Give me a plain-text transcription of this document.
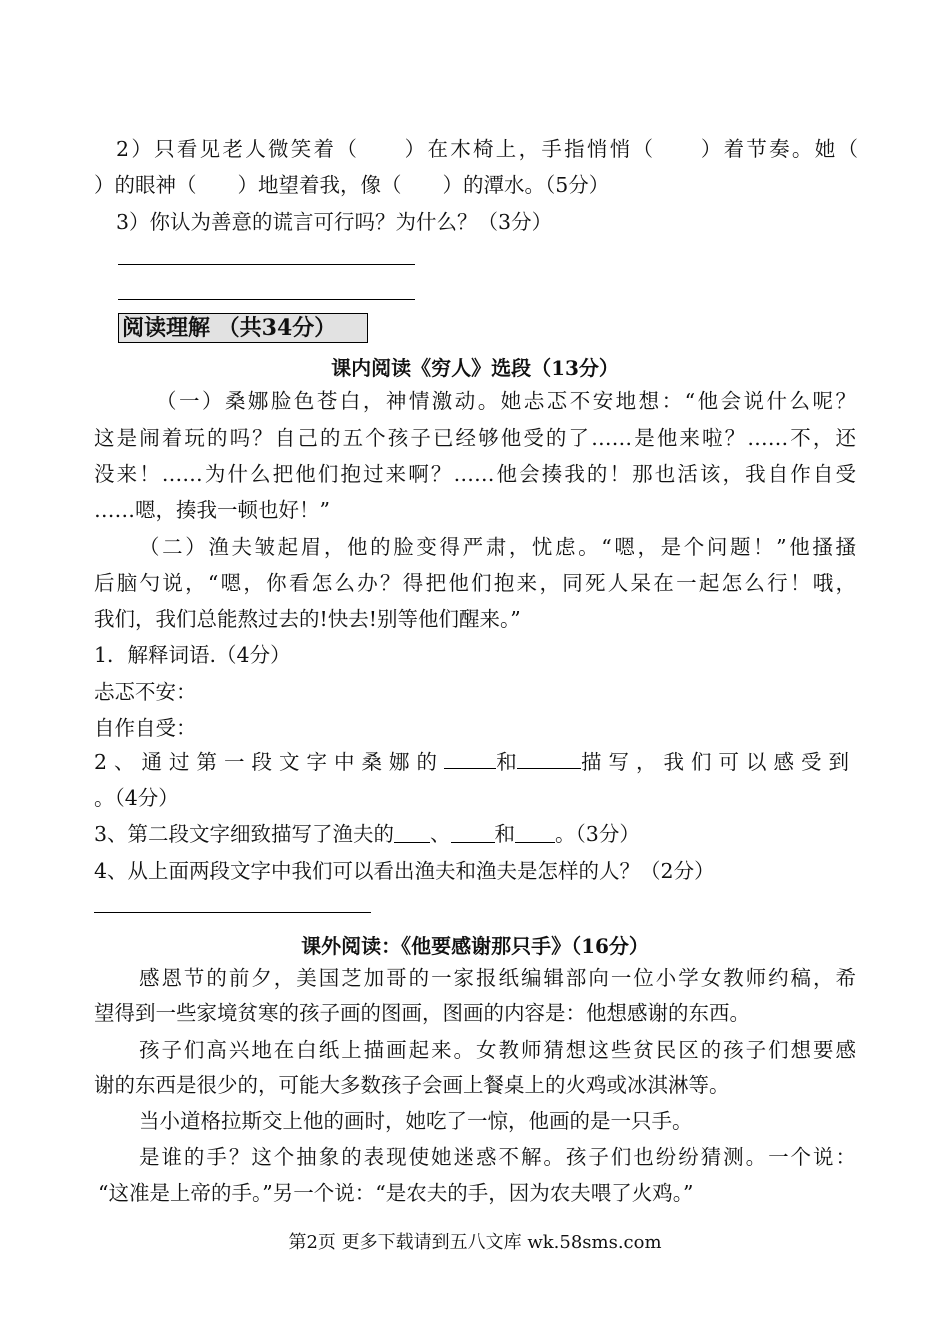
2）只看见老人微笑着（　　）在木椅上，手指悄悄（　　）着节奏。她（
）的眼神（　　）地望着我，像（　　）的潭水。（5分）
3）你认为善意的谎言可行吗？为什么？（3分）
阅读理解 （共34分）
课内阅读《穷人》选段（13分）
（一）桑娜脸色苍白，神情激动。她忐忑不安地想：“他会说什么呢？
这是闹着玩的吗？自己的五个孩子已经够他受的了……是他来啦？……不，还
没来！……为什么把他们抱过来啊？……他会揍我的！那也活该，我自作自受
……嗯，揍我一顿也好！”
（二）渔夫皱起眉，他的脸变得严肃，忧虑。“嗯，是个问题！”他搔搔
后脑勺说，“嗯，你看怎么办？得把他们抱来，同死人呆在一起怎么行！哦，
我们，我们总能熬过去的!快去!别等他们醒来。”
1．解释词语.（4分）
忐忑不安：
自作自受：
2、通过第一段文字中桑娜的	和	描写，我们可以感受到
。（4分）
3、第二段文字细致描写了渔夫的 、 和 。（3分）
4、从上面两段文字中我们可以看出渔夫和渔夫是怎样的人？（2分）
课外阅读：《他要感谢那只手》（16分）
感恩节的前夕，美国芝加哥的一家报纸编辑部向一位小学女教师约稿，希
望得到一些家境贫寒的孩子画的图画，图画的内容是：他想感谢的东西。
孩子们高兴地在白纸上描画起来。女教师猜想这些贫民区的孩子们想要感
谢的东西是很少的，可能大多数孩子会画上餐桌上的火鸡或冰淇淋等。
当小道格拉斯交上他的画时，她吃了一惊，他画的是一只手。
是谁的手？这个抽象的表现使她迷惑不解。孩子们也纷纷猜测。一个说：
“这准是上帝的手。”另一个说：“是农夫的手，因为农夫喂了火鸡。”
第2页 更多下载请到五八文库 wk.58sms.com
